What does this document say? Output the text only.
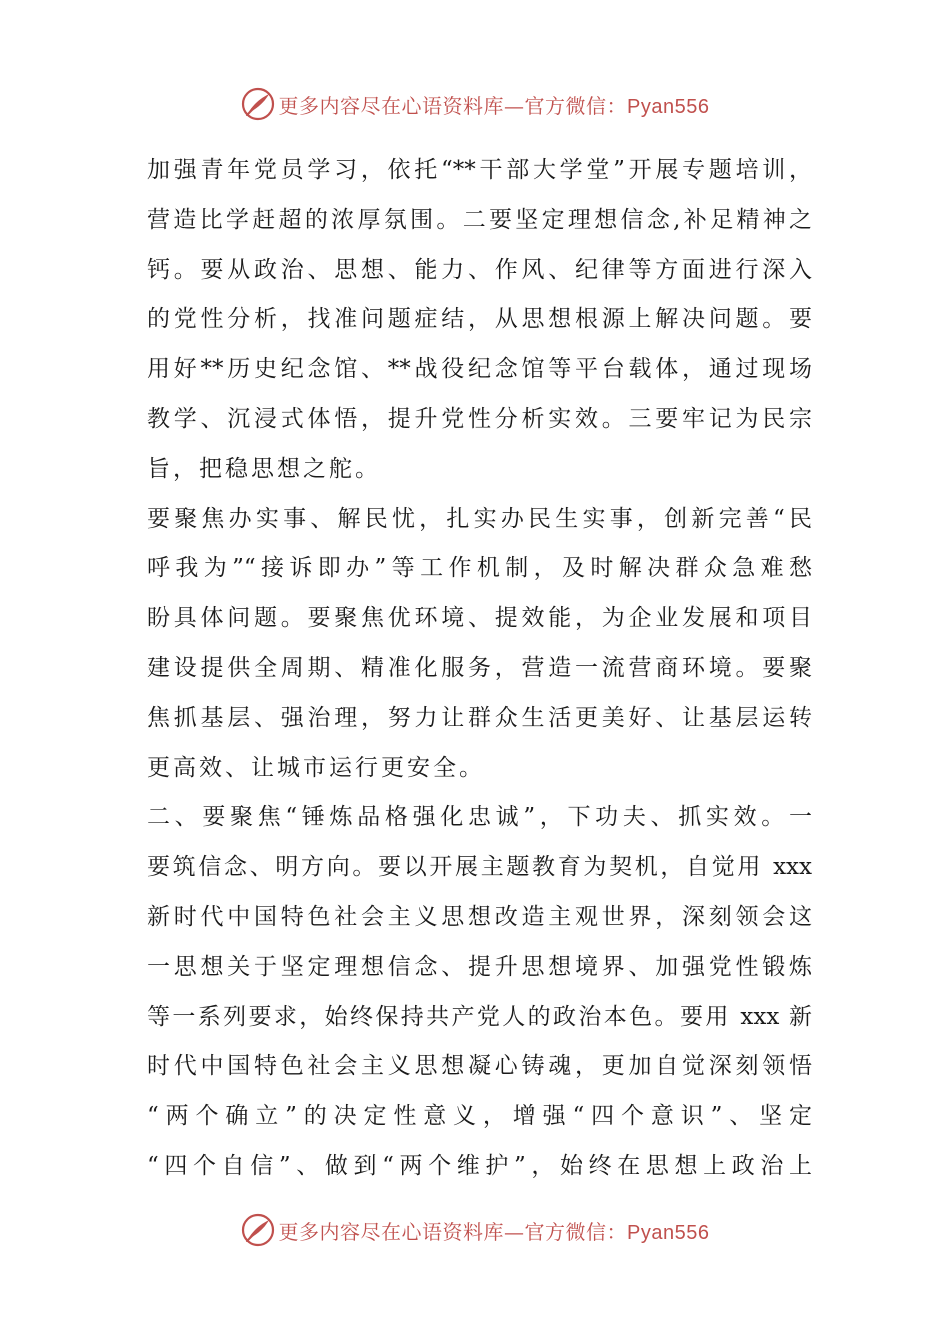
更多内容尽在心语资料库—官方微信：Pyan556
加强青年党员学习，依托“**干部大学堂”开展专题培训，
营造比学赶超的浓厚氛围。二要坚定理想信念,补足精神之
钙。要从政治、思想、能力、作风、纪律等方面进行深入
的党性分析，找准问题症结，从思想根源上解决问题。要
用好**历史纪念馆、**战役纪念馆等平台载体，通过现场
教学、沉浸式体悟，提升党性分析实效。三要牢记为民宗
旨，把稳思想之舵。
要聚焦办实事、解民忧，扎实办民生实事，创新完善“民
呼我为”“接诉即办”等工作机制，及时解决群众急难愁
盼具体问题。要聚焦优环境、提效能，为企业发展和项目
建设提供全周期、精准化服务，营造一流营商环境。要聚
焦抓基层、强治理，努力让群众生活更美好、让基层运转
更高效、让城市运行更安全。
二、要聚焦“锤炼品格强化忠诚”，下功夫、抓实效。一
要筑信念、明方向。要以开展主题教育为契机，自觉用 xxx
新时代中国特色社会主义思想改造主观世界，深刻领会这
一思想关于坚定理想信念、提升思想境界、加强党性锻炼
等一系列要求，始终保持共产党人的政治本色。要用 xxx 新
时代中国特色社会主义思想凝心铸魂，更加自觉深刻领悟
“两个确立”的决定性意义，增强“四个意识”、坚定
“四个自信”、做到“两个维护”，始终在思想上政治上
更多内容尽在心语资料库—官方微信：Pyan556
